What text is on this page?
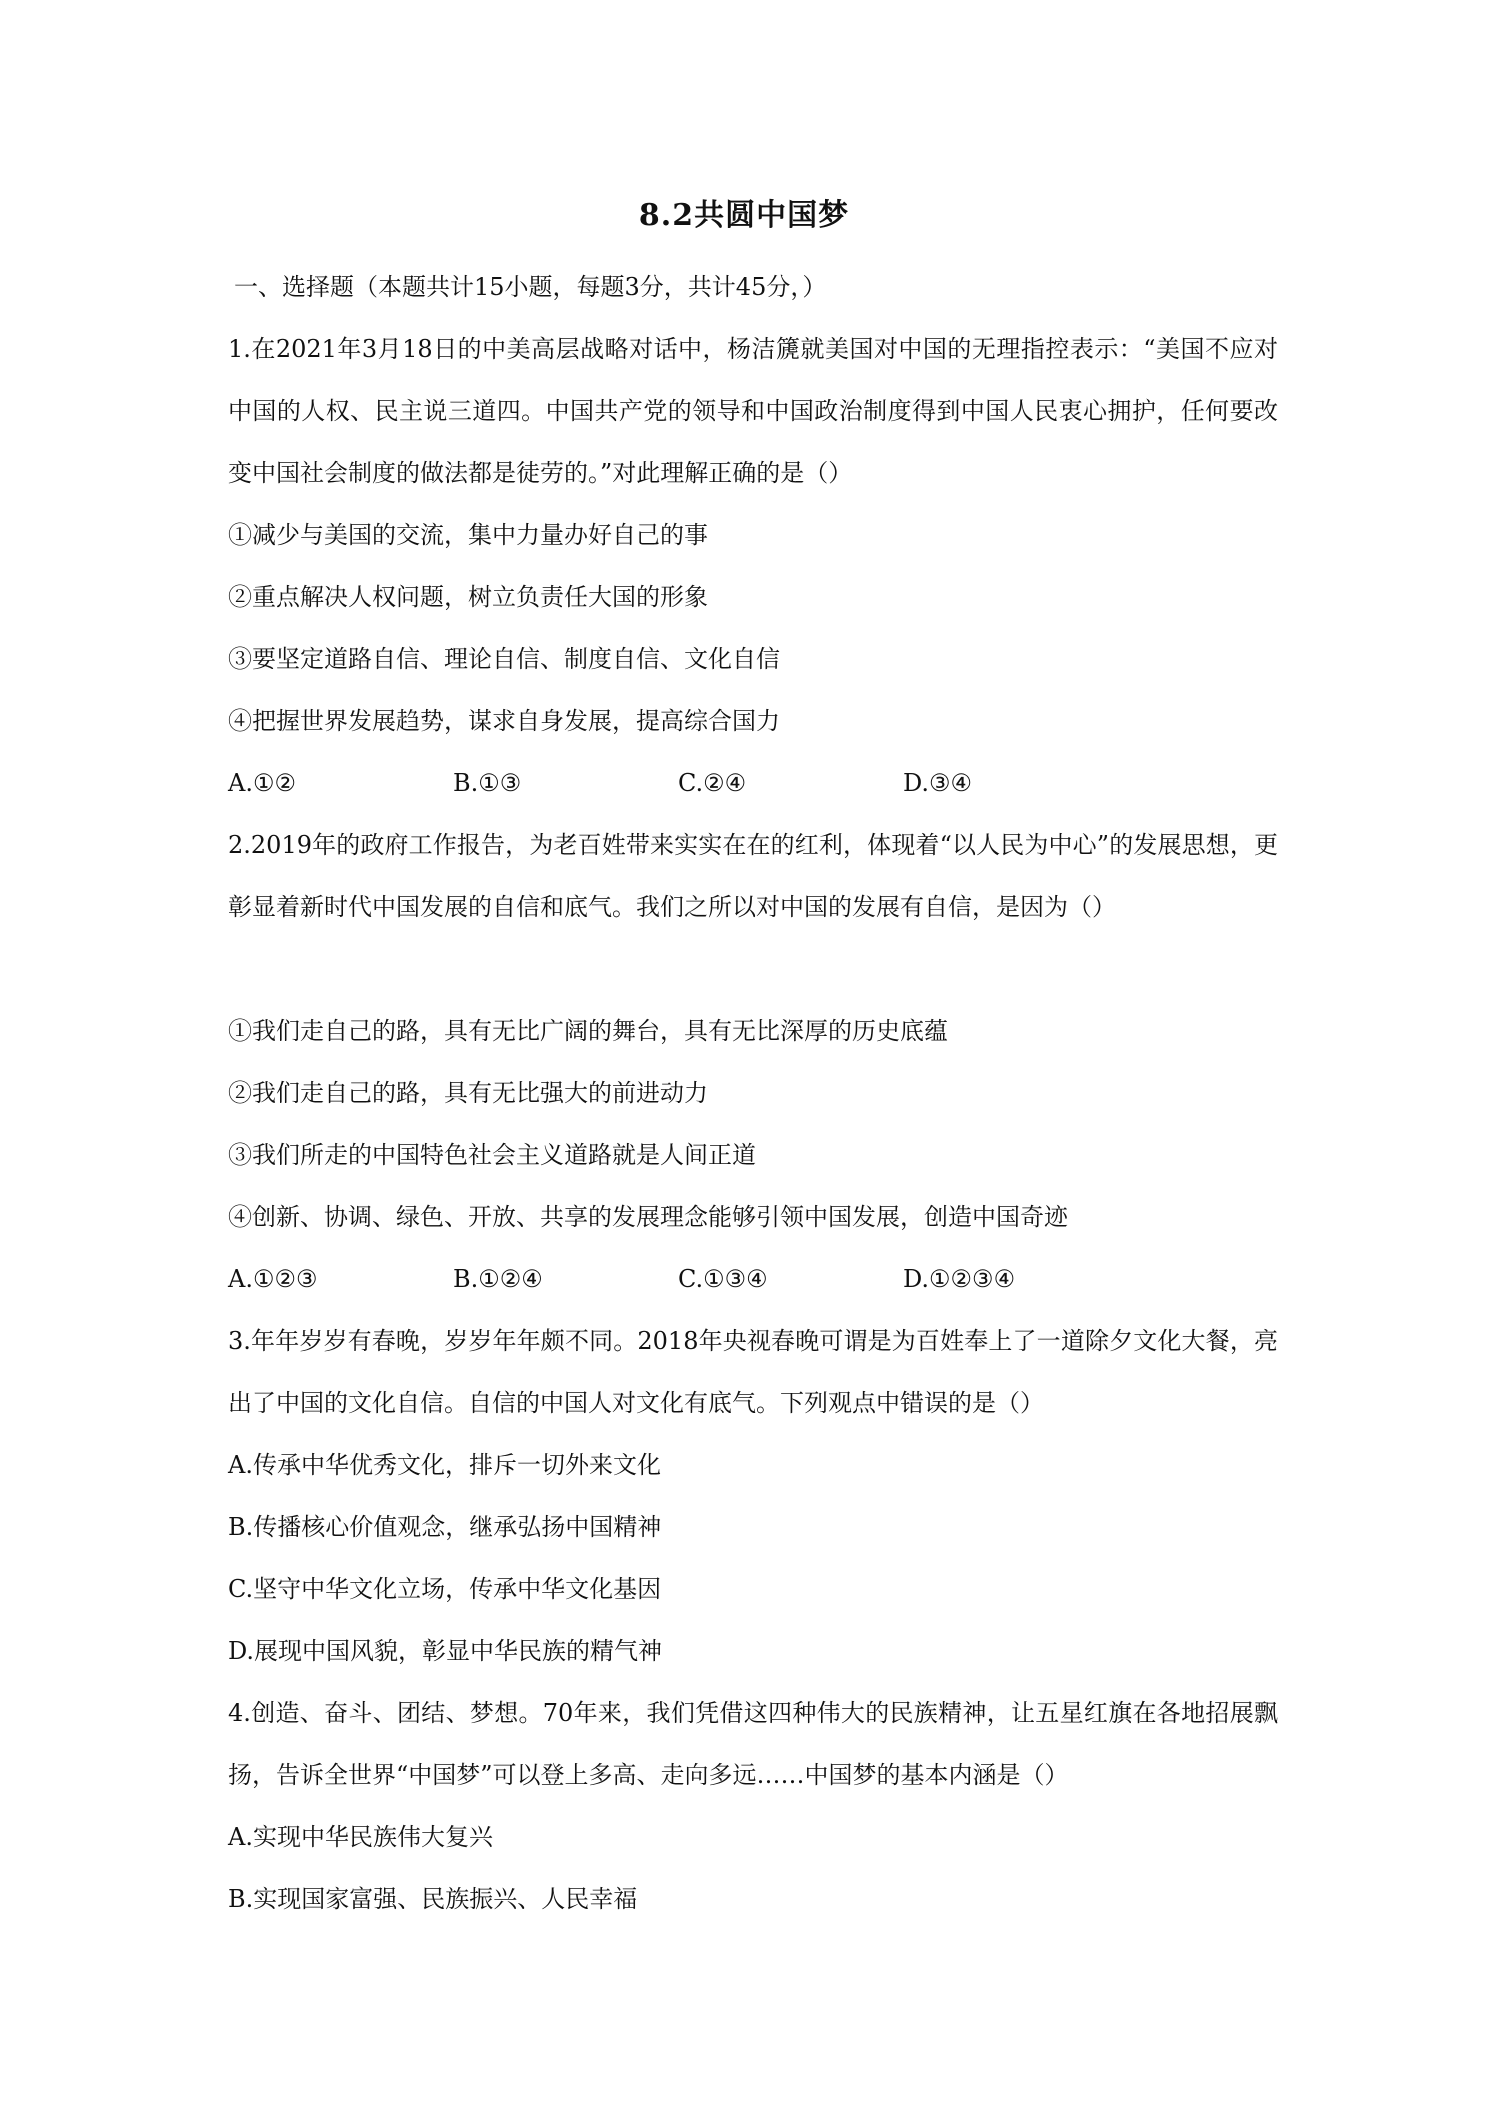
8.2共圆中国梦
一、选择题（本题共计15小题，每题3分，共计45分，）
1.在2021年3月18日的中美高层战略对话中，杨洁篪就美国对中国的无理指控表示：“美国不应对中国的人权、民主说三道四。中国共产党的领导和中国政治制度得到中国人民衷心拥护，任何要改变中国社会制度的做法都是徒劳的。”对此理解正确的是（）
①减少与美国的交流，集中力量办好自己的事
②重点解决人权问题，树立负责任大国的形象
③要坚定道路自信、理论自信、制度自信、文化自信
④把握世界发展趋势，谋求自身发展，提高综合国力
A.①②	B.①③	C.②④	D.③④
2.2019年的政府工作报告，为老百姓带来实实在在的红利，体现着“以人民为中心”的发展思想，更彰显着新时代中国发展的自信和底气。我们之所以对中国的发展有自信，是因为（）
①我们走自己的路，具有无比广阔的舞台，具有无比深厚的历史底蕴
②我们走自己的路，具有无比强大的前进动力
③我们所走的中国特色社会主义道路就是人间正道
④创新、协调、绿色、开放、共享的发展理念能够引领中国发展，创造中国奇迹
A.①②③	B.①②④	C.①③④	D.①②③④
3.年年岁岁有春晚，岁岁年年颇不同。2018年央视春晚可谓是为百姓奉上了一道除夕文化大餐，亮出了中国的文化自信。自信的中国人对文化有底气。下列观点中错误的是（）
A.传承中华优秀文化，排斥一切外来文化
B.传播核心价值观念，继承弘扬中国精神
C.坚守中华文化立场，传承中华文化基因
D.展现中国风貌，彰显中华民族的精气神
4.创造、奋斗、团结、梦想。70年来，我们凭借这四种伟大的民族精神，让五星红旗在各地招展飘扬，告诉全世界“中国梦”可以登上多高、走向多远……中国梦的基本内涵是（）
A.实现中华民族伟大复兴
B.实现国家富强、民族振兴、人民幸福
